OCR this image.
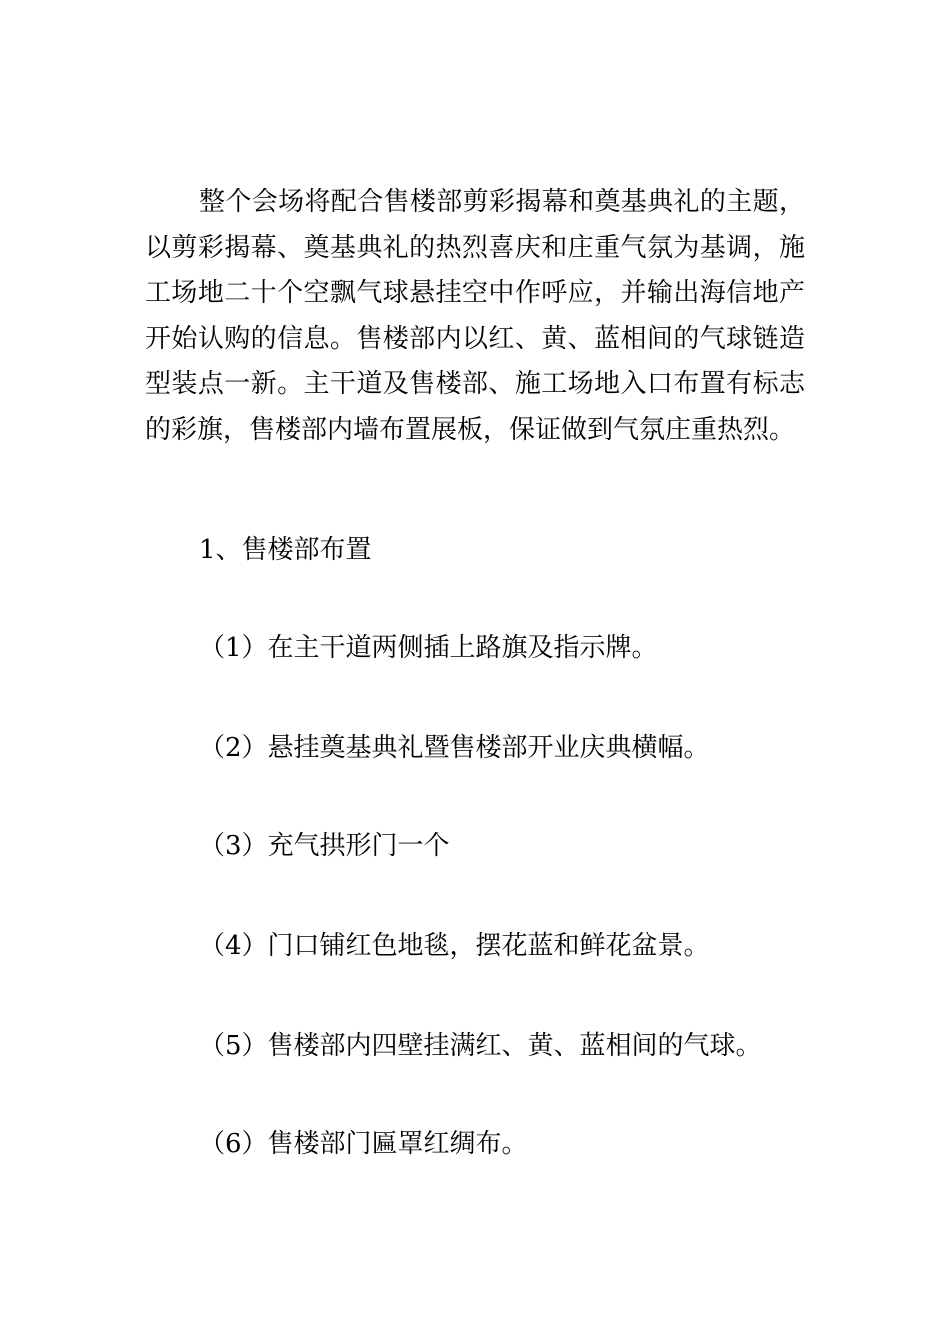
整个会场将配合售楼部剪彩揭幕和奠基典礼的主题，
以剪彩揭幕、奠基典礼的热烈喜庆和庄重气氛为基调，施
工场地二十个空飘气球悬挂空中作呼应，并输出海信地产
开始认购的信息。售楼部内以红、黄、蓝相间的气球链造
型装点一新。主干道及售楼部、施工场地入口布置有标志
的彩旗，售楼部内墙布置展板，保证做到气氛庄重热烈。

1、售楼部布置

（1）在主干道两侧插上路旗及指示牌。

（2）悬挂奠基典礼暨售楼部开业庆典横幅。

（3）充气拱形门一个

（4）门口铺红色地毯，摆花蓝和鲜花盆景。

（5）售楼部内四壁挂满红、黄、蓝相间的气球。

（6）售楼部门匾罩红绸布。
